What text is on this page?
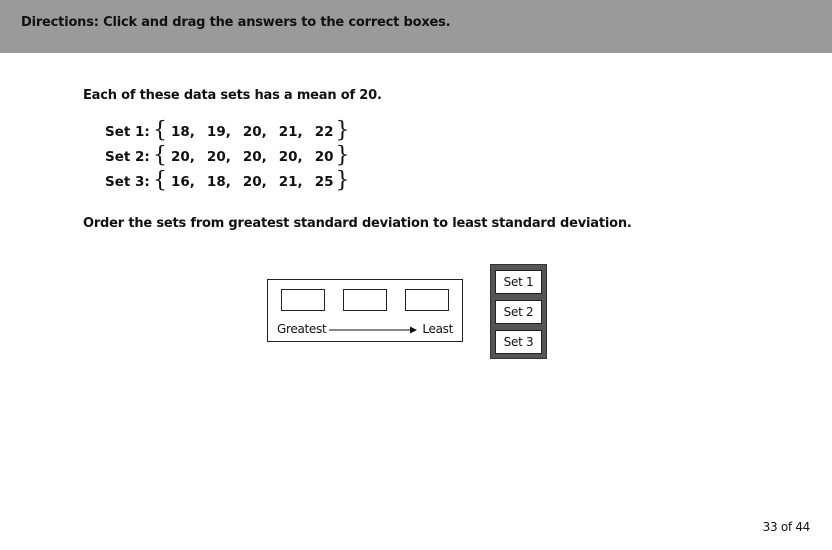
Directions: Click and drag the answers to the correct boxes.
Each of these data sets has a mean of 20.
Set 1: { 18, 19, 20, 21, 22 }
Set 2: { 20, 20, 20, 20, 20 }
Set 3: { 16, 18, 20, 21, 25 }
Order the sets from greatest standard deviation to least standard deviation.
Greatest	Least
Set 1
Set 2
Set 3
33 of 44
